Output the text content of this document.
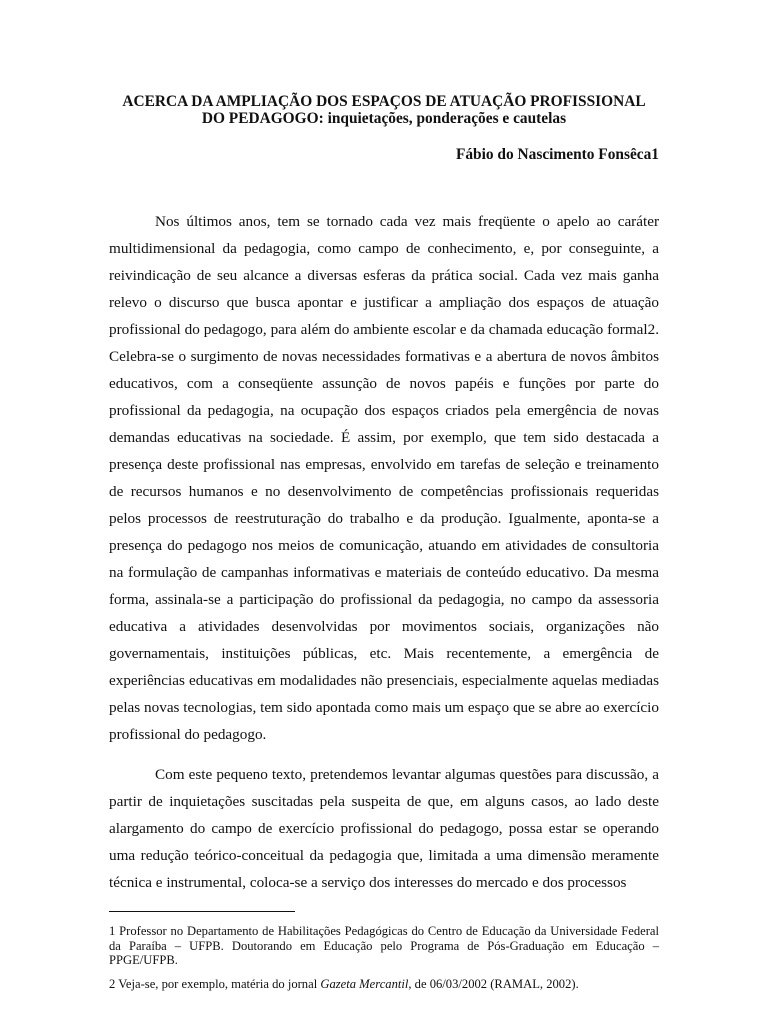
ACERCA DA AMPLIAÇÃO DOS ESPAÇOS DE ATUAÇÃO PROFISSIONAL
DO PEDAGOGO: inquietações, ponderações e cautelas

Fábio do Nascimento Fonsêca1

Nos últimos anos, tem se tornado cada vez mais freqüente o apelo ao caráter multidimensional da pedagogia, como campo de conhecimento, e, por conseguinte, a reivindicação de seu alcance a diversas esferas da prática social. Cada vez mais ganha relevo o discurso que busca apontar e justificar a ampliação dos espaços de atuação profissional do pedagogo, para além do ambiente escolar e da chamada educação formal2. Celebra-se o surgimento de novas necessidades formativas e a abertura de novos âmbitos educativos, com a conseqüente assunção de novos papéis e funções por parte do profissional da pedagogia, na ocupação dos espaços criados pela emergência de novas demandas educativas na sociedade. É assim, por exemplo, que tem sido destacada a presença deste profissional nas empresas, envolvido em tarefas de seleção e treinamento de recursos humanos e no desenvolvimento de competências profissionais requeridas pelos processos de reestruturação do trabalho e da produção. Igualmente, aponta-se a presença do pedagogo nos meios de comunicação, atuando em atividades de consultoria na formulação de campanhas informativas e materiais de conteúdo educativo. Da mesma forma, assinala-se a participação do profissional da pedagogia, no campo da assessoria educativa a atividades desenvolvidas por movimentos sociais, organizações não governamentais, instituições públicas, etc. Mais recentemente, a emergência de experiências educativas em modalidades não presenciais, especialmente aquelas mediadas pelas novas tecnologias, tem sido apontada como mais um espaço que se abre ao exercício profissional do pedagogo.

Com este pequeno texto, pretendemos levantar algumas questões para discussão, a partir de inquietações suscitadas pela suspeita de que, em alguns casos, ao lado deste alargamento do campo de exercício profissional do pedagogo, possa estar se operando uma redução teórico-conceitual da pedagogia que, limitada a uma dimensão meramente técnica e instrumental, coloca-se a serviço dos interesses do mercado e dos processos

1 Professor no Departamento de Habilitações Pedagógicas do Centro de Educação da Universidade Federal da Paraíba – UFPB. Doutorando em Educação pelo Programa de Pós-Graduação em Educação – PPGE/UFPB.

2 Veja-se, por exemplo, matéria do jornal Gazeta Mercantil, de 06/03/2002 (RAMAL, 2002).
